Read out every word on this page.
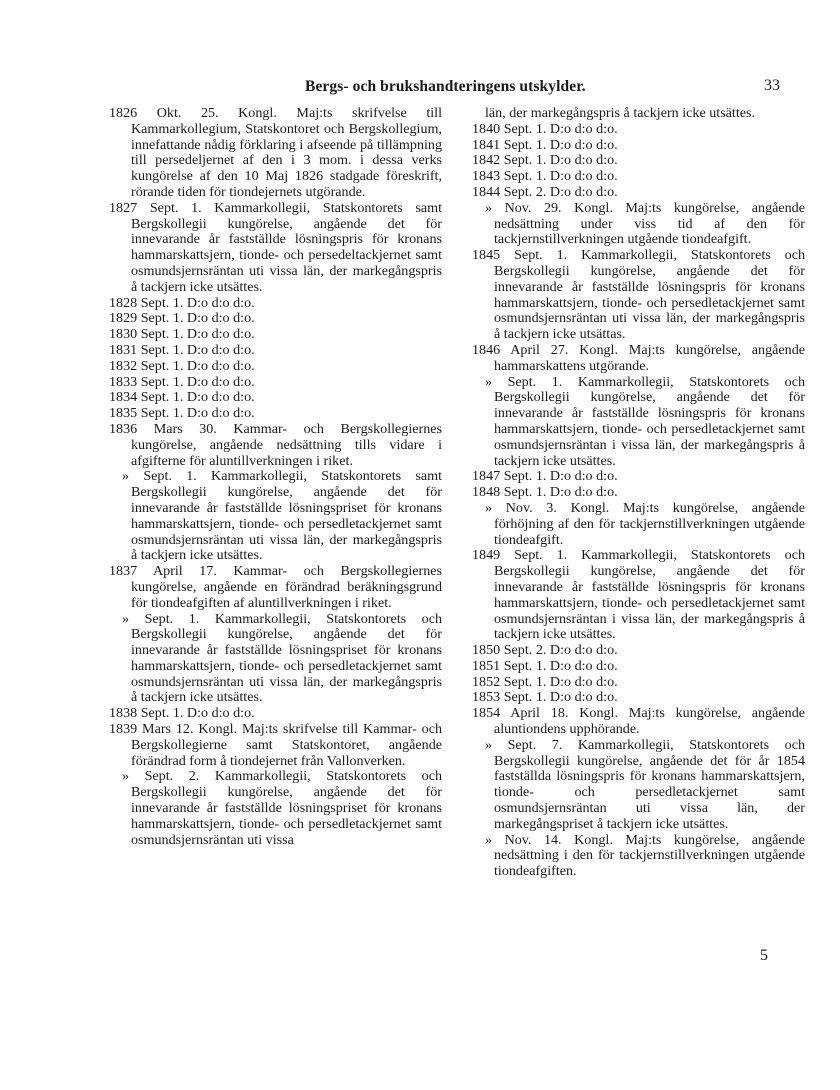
Bergs- och brukshandteringens utskylder.	33

1826 Okt. 25. Kongl. Maj:ts skrifvelse till Kammarkollegium, Statskontoret och Bergskollegium, innefattande nådig förklaring i afseende på tillämpning till persedeljernet af den i 3 mom. i dessa verks kungörelse af den 10 Maj 1826 stadgade föreskrift, rörande tiden för tiondejernets utgörande.

1827 Sept. 1. Kammarkollegii, Statskontorets samt Bergskollegii kungörelse, angående det för innevarande år fastställde lösningspris för kronans hammarskattsjern, tionde- och persedeltackjernet samt osmundsjernsräntan uti vissa län, der markegångspris å tackjern icke utsättes.

1828 Sept. 1. D:o d:o d:o.

1829 Sept. 1. D:o d:o d:o.

1830 Sept. 1. D:o d:o d:o.

1831 Sept. 1. D:o d:o d:o.

1832 Sept. 1. D:o d:o d:o.

1833 Sept. 1. D:o d:o d:o.

1834 Sept. 1. D:o d:o d:o.

1835 Sept. 1. D:o d:o d:o.

1836 Mars 30. Kammar- och Bergskollegiernes kungörelse, angående nedsättning tills vidare i afgifterne för aluntillverkningen i riket.

» Sept. 1. Kammarkollegii, Statskontorets samt Bergskollegii kungörelse, angående det för innevarande år fastställde lösningspriset för kronans hammarskattsjern, tionde- och persedletackjernet samt osmundsjernsräntan uti vissa län, der markegångspris å tackjern icke utsättes.

1837 April 17. Kammar- och Bergskollegiernes kungörelse, angående en förändrad beräkningsgrund för tiondeafgiften af aluntillverkningen i riket.

» Sept. 1. Kammarkollegii, Statskontorets och Bergskollegii kungörelse, angående det för innevarande år fastställde lösningspriset för kronans hammarskattsjern, tionde- och persedletackjernet samt osmundsjernsräntan uti vissa län, der markegångspris å tackjern icke utsättes.

1838 Sept. 1. D:o d:o d:o.

1839 Mars 12. Kongl. Maj:ts skrifvelse till Kammar- och Bergskollegierne samt Statskontoret, angående förändrad form å tiondejernet från Vallonverken.

» Sept. 2. Kammarkollegii, Statskontorets och Bergskollegii kungörelse, angående det för innevarande år fastställde lösningspriset för kronans hammarskattsjern, tionde- och persedletackjernet samt osmundsjernsräntan uti vissa

län, der markegångspris å tackjern icke utsättes.

1840 Sept. 1. D:o d:o d:o.

1841 Sept. 1. D:o d:o d:o.

1842 Sept. 1. D:o d:o d:o.

1843 Sept. 1. D:o d:o d:o.

1844 Sept. 2. D:o d:o d:o.

» Nov. 29. Kongl. Maj:ts kungörelse, angående nedsättning under viss tid af den för tackjernstillverkningen utgående tiondeafgift.

1845 Sept. 1. Kammarkollegii, Statskontorets och Bergskollegii kungörelse, angående det för innevarande år fastställde lösningspris för kronans hammarskattsjern, tionde- och persedletackjernet samt osmundsjernsräntan uti vissa län, der markegångspris å tackjern icke utsättas.

1846 April 27. Kongl. Maj:ts kungörelse, angående hammarskattens utgörande.

» Sept. 1. Kammarkollegii, Statskontorets och Bergskollegii kungörelse, angående det för innevarande år fastställde lösningspris för kronans hammarskattsjern, tionde- och persedletackjernet samt osmundsjernsräntan i vissa län, der markegångspris å tackjern icke utsättes.

1847 Sept. 1. D:o d:o d:o.

1848 Sept. 1. D:o d:o d:o.

» Nov. 3. Kongl. Maj:ts kungörelse, angående förhöjning af den för tackjernstillverkningen utgående tiondeafgift.

1849 Sept. 1. Kammarkollegii, Statskontorets och Bergskollegii kungörelse, angående det för innevarande år fastställde lösningspris för kronans hammarskattsjern, tionde- och persedletackjernet samt osmundsjernsräntan i vissa län, der markegångspris å tackjern icke utsättes.

1850 Sept. 2. D:o d:o d:o.

1851 Sept. 1. D:o d:o d:o.

1852 Sept. 1. D:o d:o d:o.

1853 Sept. 1. D:o d:o d:o.

1854 April 18. Kongl. Maj:ts kungörelse, angående aluntiondens upphörande.

» Sept. 7. Kammarkollegii, Statskontorets och Bergskollegii kungörelse, angående det för år 1854 fastställda lösningspris för kronans hammarskattsjern, tionde- och persedletackjernet samt osmundsjernsräntan uti vissa län, der markegångspriset å tackjern icke utsättes.

» Nov. 14. Kongl. Maj:ts kungörelse, angående nedsättning i den för tackjernstillverkningen utgående tiondeafgiften.

5
